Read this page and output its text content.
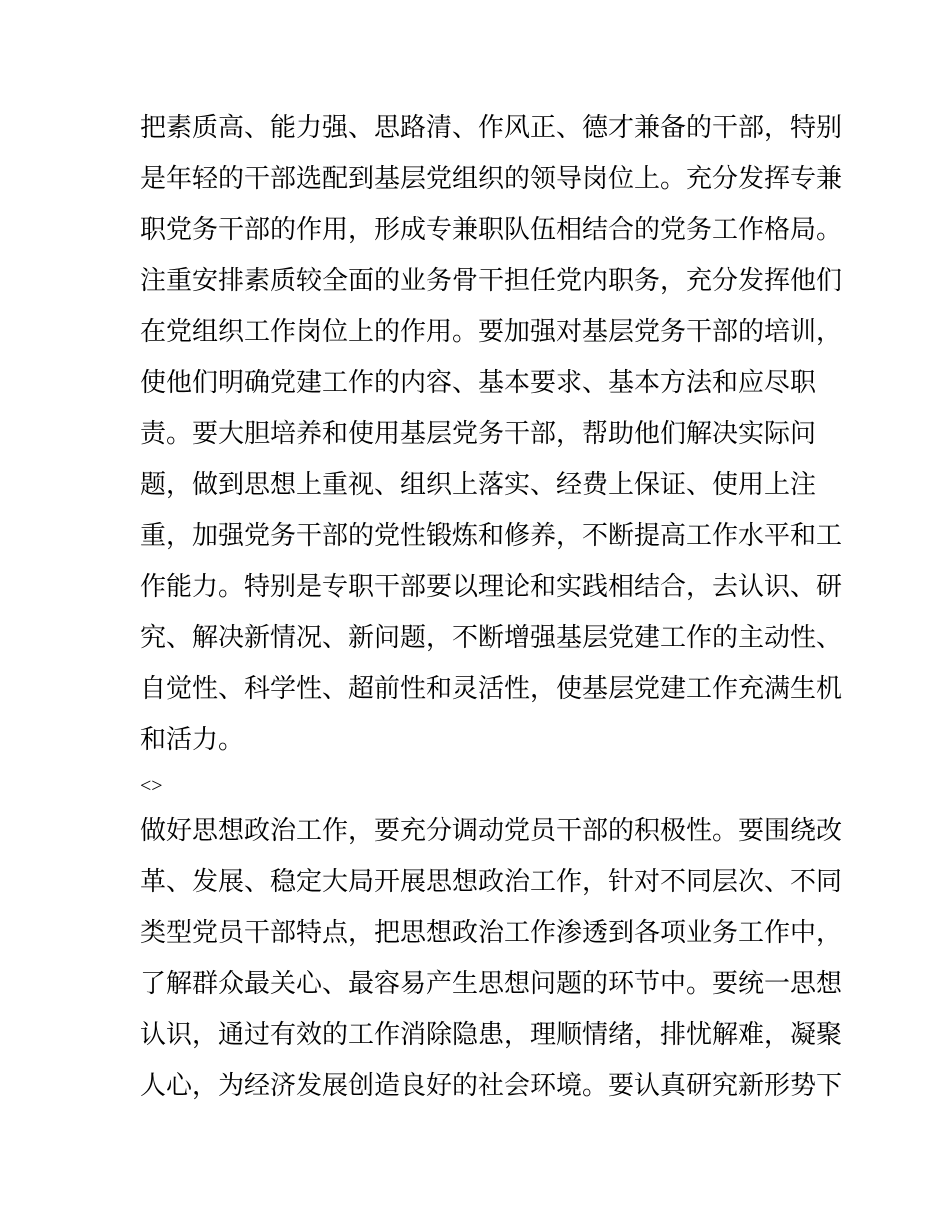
把素质高、能力强、思路清、作风正、德才兼备的干部，特别
是年轻的干部选配到基层党组织的领导岗位上。充分发挥专兼
职党务干部的作用，形成专兼职队伍相结合的党务工作格局。
注重安排素质较全面的业务骨干担任党内职务，充分发挥他们
在党组织工作岗位上的作用。要加强对基层党务干部的培训，
使他们明确党建工作的内容、基本要求、基本方法和应尽职
责。要大胆培养和使用基层党务干部，帮助他们解决实际问
题，做到思想上重视、组织上落实、经费上保证、使用上注
重，加强党务干部的党性锻炼和修养，不断提高工作水平和工
作能力。特别是专职干部要以理论和实践相结合，去认识、研
究、解决新情况、新问题，不断增强基层党建工作的主动性、
自觉性、科学性、超前性和灵活性，使基层党建工作充满生机
和活力。
<>
做好思想政治工作，要充分调动党员干部的积极性。要围绕改
革、发展、稳定大局开展思想政治工作，针对不同层次、不同
类型党员干部特点，把思想政治工作渗透到各项业务工作中，
了解群众最关心、最容易产生思想问题的环节中。要统一思想
认识，通过有效的工作消除隐患，理顺情绪，排忧解难，凝聚
人心，为经济发展创造良好的社会环境。要认真研究新形势下
